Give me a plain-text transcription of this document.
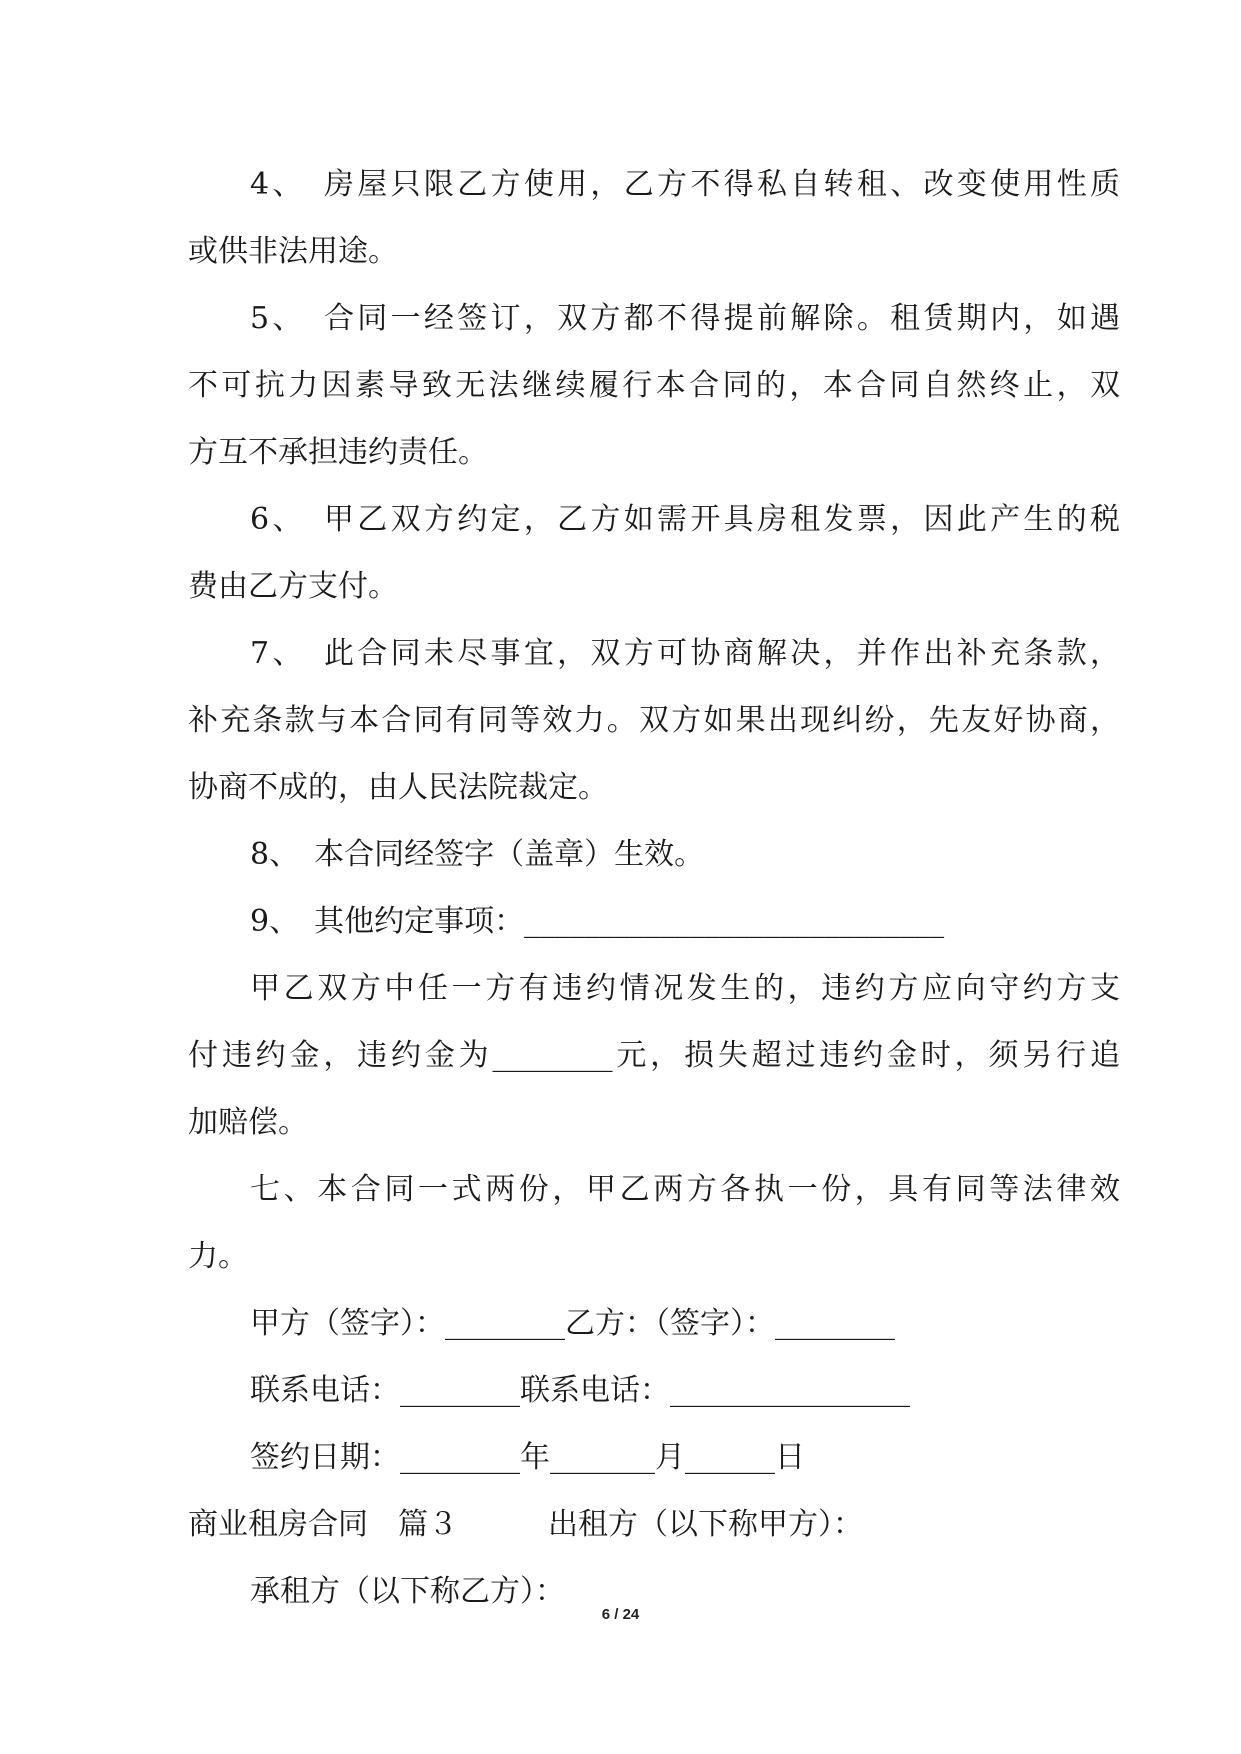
4、　房屋只限乙方使用，乙方不得私自转租、改变使用性质

或供非法用途。

5、　合同一经签订，双方都不得提前解除。租赁期内，如遇

不可抗力因素导致无法继续履行本合同的，本合同自然终止，双

方互不承担违约责任。

6、　甲乙双方约定，乙方如需开具房租发票，因此产生的税

费由乙方支付。

7、　此合同未尽事宜，双方可协商解决，并作出补充条款，

补充条款与本合同有同等效力。双方如果出现纠纷，先友好协商，

协商不成的，由人民法院裁定。

8、　本合同经签字（盖章）生效。

9、　其他约定事项：____________________________

甲乙双方中任一方有违约情况发生的，违约方应向守约方支

付违约金，违约金为________元，损失超过违约金时，须另行追

加赔偿。

七、本合同一式两份，甲乙两方各执一份，具有同等法律效

力。

甲方（签字）：________乙方：（签字）：________

联系电话：________联系电话：________________

签约日期：________年_______月______日

商业租房合同　篇３　　　出租方（以下称甲方）：

承租方（以下称乙方）：

6 / 24
